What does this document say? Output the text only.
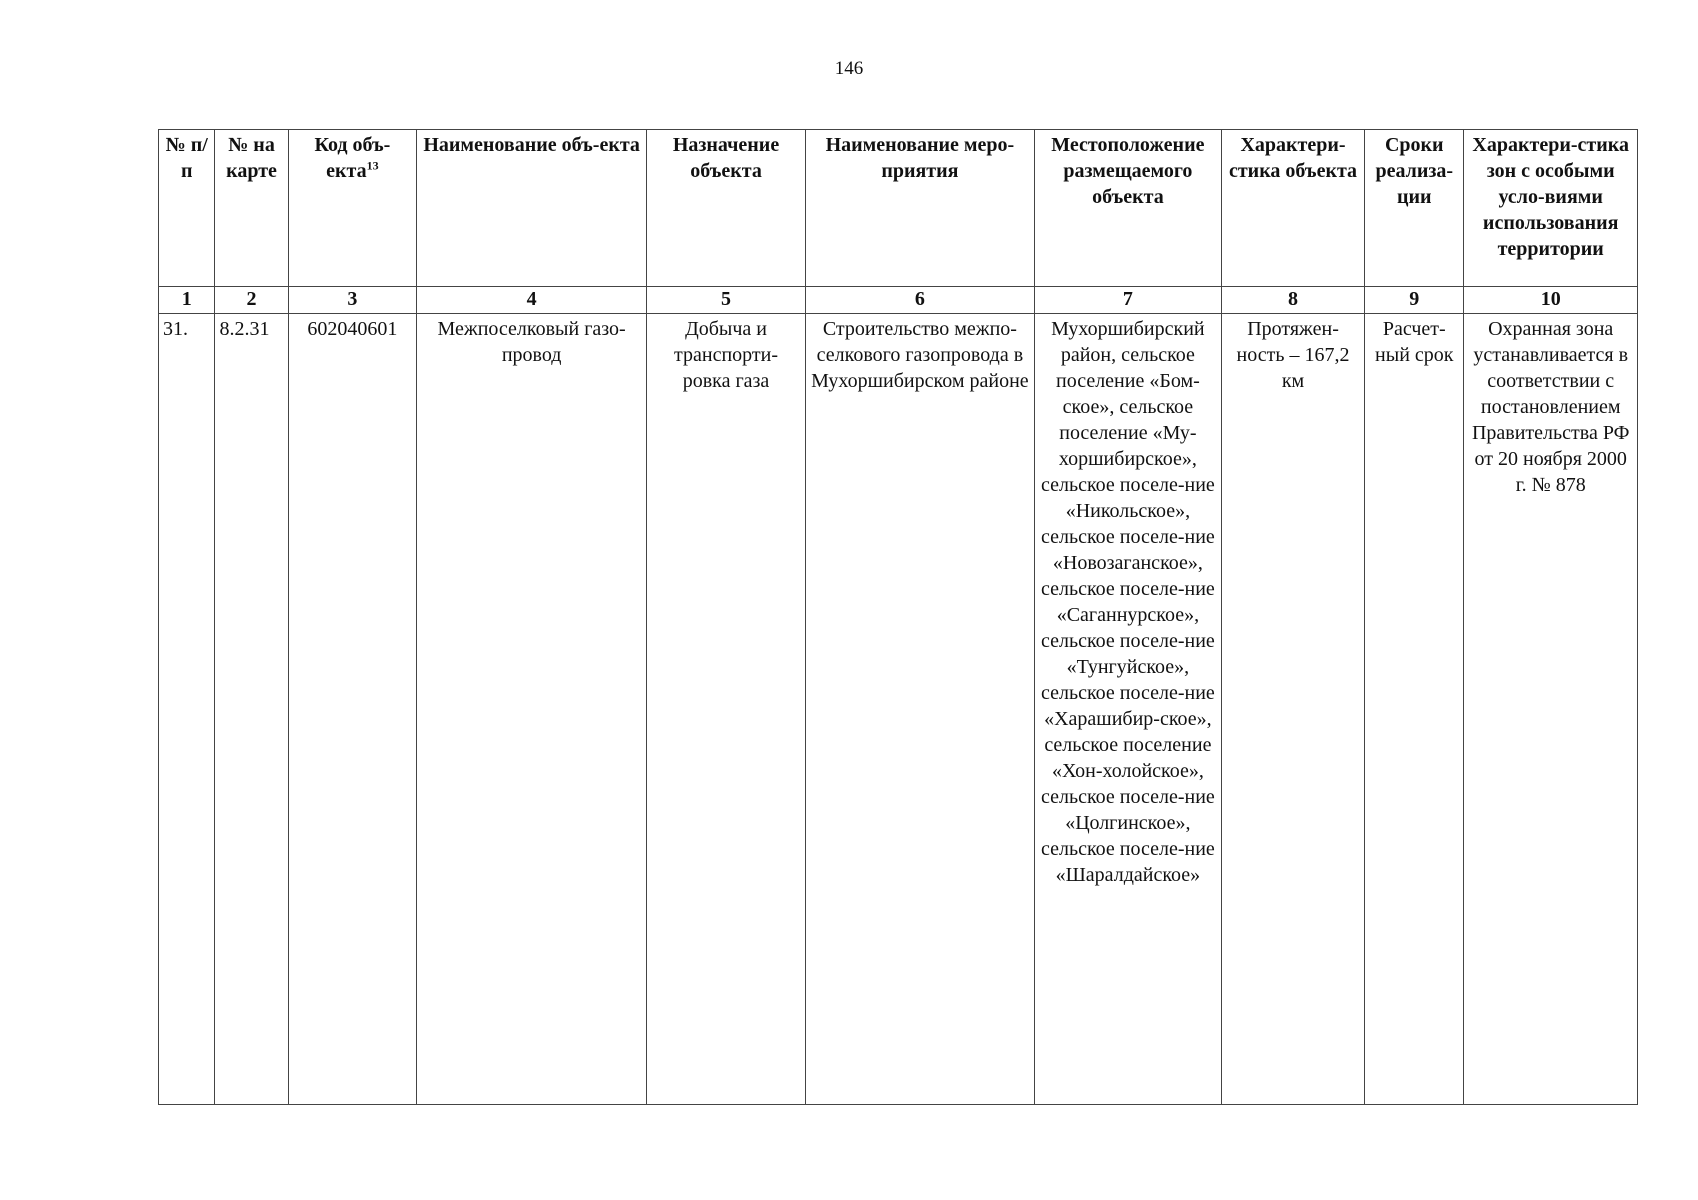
146
№ п/п	№ на карте	Код объ-екта$^{13}$	Наименование объ-екта	Назначение объекта	Наименование меро-приятия	Местоположение размещаемого объекта	Характери-стика объекта	Сроки реализа-ции	Характери-стика зон с особыми усло-виями использования территории
1	2	3	4	5	6	7	8	9	10
31.	8.2.31	602040601	Межпоселковый газо-провод	Добыча и транспорти-ровка газа	Строительство межпо-селкового газопровода в Мухоршибирском районе	Мухоршибирский район, сельское поселение «Бом-ское», сельское поселение «Му-хоршибирское», сельское поселе-ние «Никольское», сельское поселе-ние «Новозаганское», сельское поселе-ние «Саганнурское», сельское поселе-ние «Тунгуйское», сельское поселе-ние «Харашибир-ское», сельское поселение «Хон-холойское», сельское поселе-ние «Цолгинское», сельское поселе-ние «Шаралдайское»	Протяжен-ность – 167,2 км	Расчет-ный срок	Охранная зона устанавливается в соответствии с постановлением Правительства РФ от 20 ноября 2000 г. № 878
